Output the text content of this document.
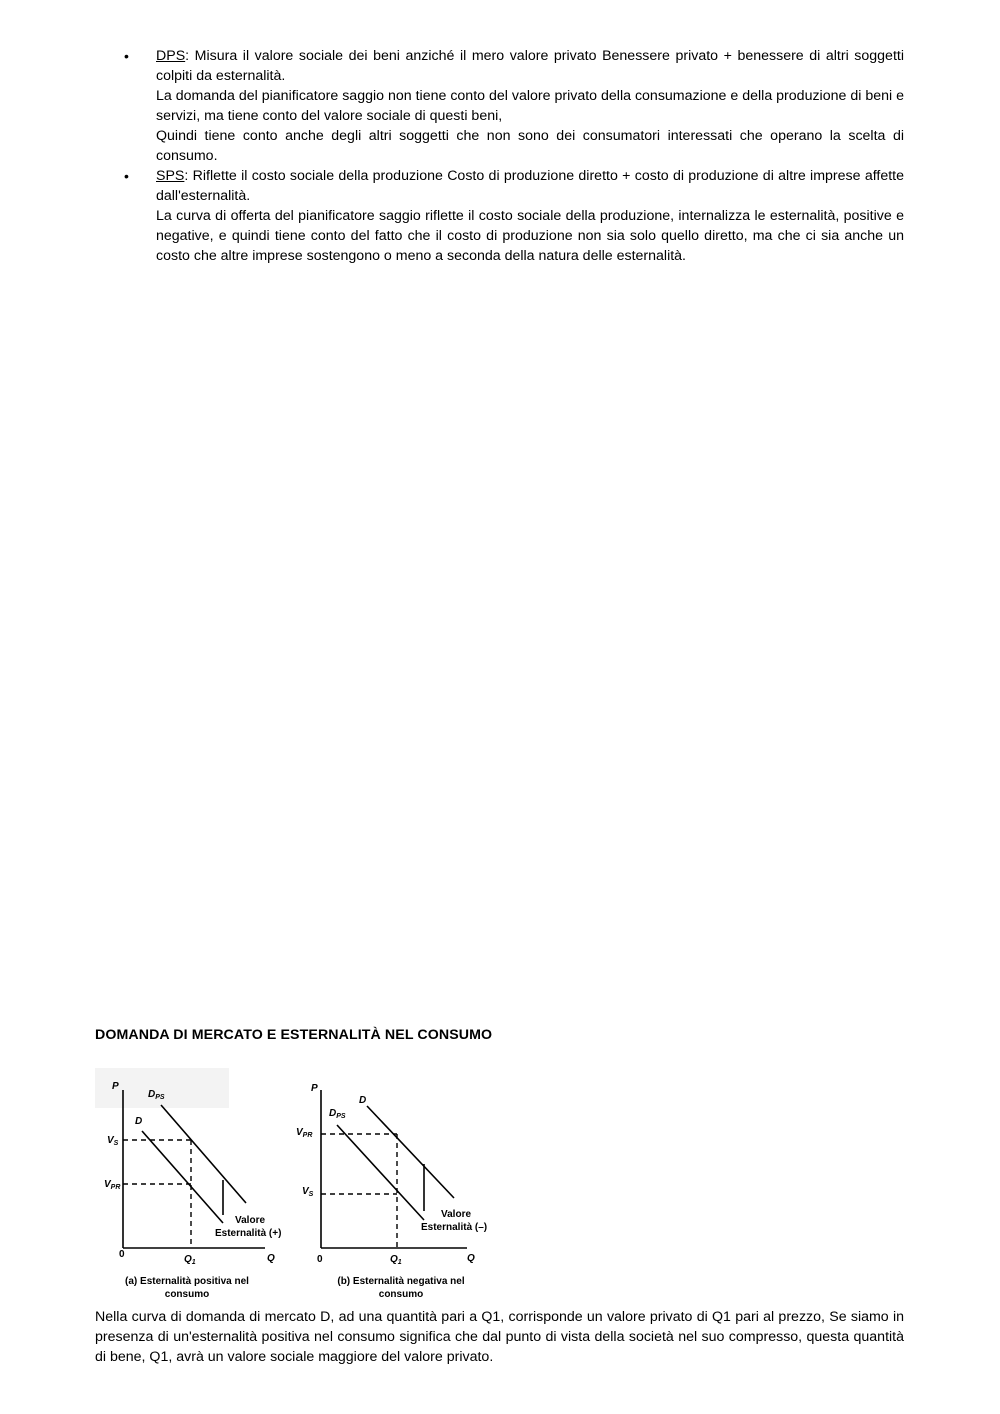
• DPS: Misura il valore sociale dei beni anziché il mero valore privato Benessere privato + benessere di altri soggetti colpiti da esternalità.

La domanda del pianificatore saggio non tiene conto del valore privato della consumazione e della produzione di beni e servizi, ma tiene conto del valore sociale di questi beni,

Quindi tiene conto anche degli altri soggetti che non sono dei consumatori interessati che operano la scelta di consumo.

• SPS: Riflette il costo sociale della produzione Costo di produzione diretto + costo di produzione di altre imprese affette dall'esternalità.

La curva di offerta del pianificatore saggio riflette il costo sociale della produzione, internalizza le esternalità, positive e negative, e quindi tiene conto del fatto che il costo di produzione non sia solo quello diretto, ma che ci sia anche un costo che altre imprese sostengono o meno a seconda della natura delle esternalità.

DOMANDA DI MERCATO E ESTERNALITÀ NEL CONSUMO
P
Q
0
$D_{PS}$
D
$V_S$
$V_{PR}$
$Q_1$
Valore
Esternalità (+)
(a) Esternalità positiva nel
consumo
P
Q
0
$D_{PS}$
D
$V_{PR}$
$V_S$
$Q_1$
Valore
Esternalità (–)
(b) Esternalità negativa nel
consumo

Nella curva di domanda di mercato D, ad una quantità pari a Q1, corrisponde un valore privato di Q1 pari al prezzo, Se siamo in presenza di un'esternalità positiva nel consumo significa che dal punto di vista della società nel suo compresso, questa quantità di bene, Q1, avrà un valore sociale maggiore del valore privato.
